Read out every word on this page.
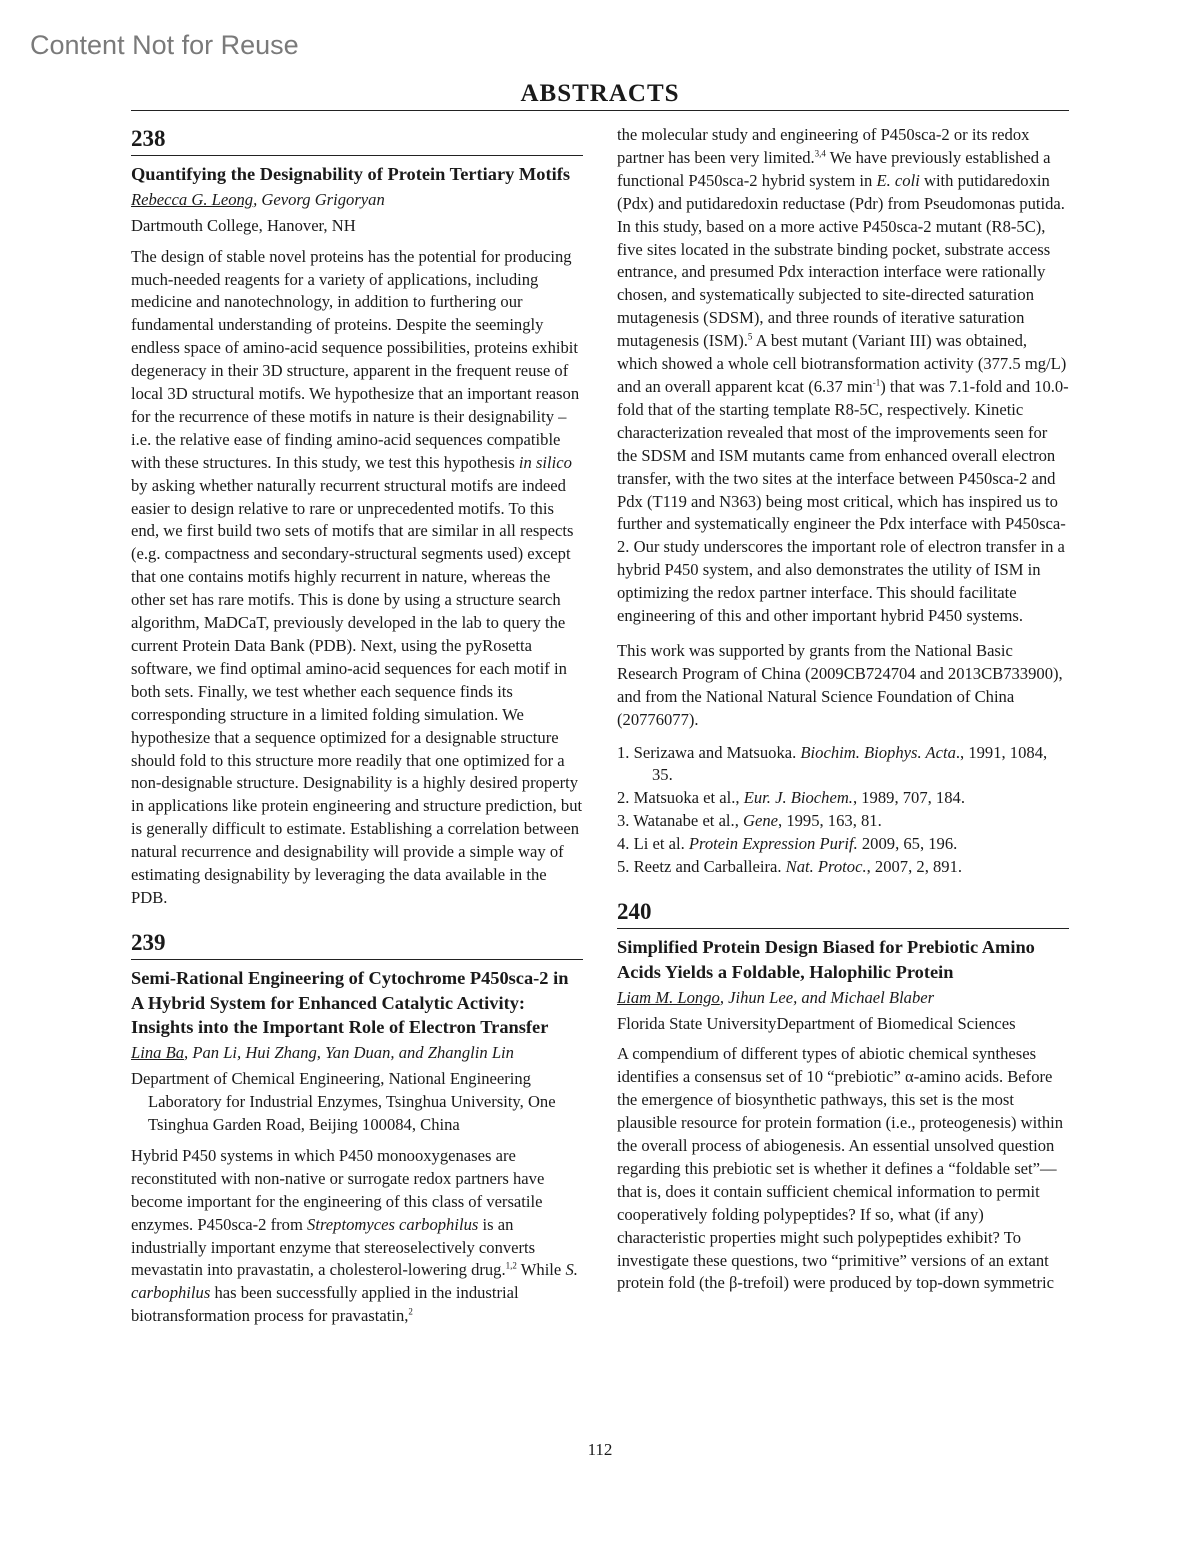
Content Not for Reuse
ABSTRACTS
238
Quantifying the Designability of Protein Tertiary Motifs
Rebecca G. Leong, Gevorg Grigoryan
Dartmouth College, Hanover, NH

The design of stable novel proteins has the potential for producing much-needed reagents for a variety of applications, including medicine and nanotechnology, in addition to furthering our fundamental understanding of proteins. Despite the seemingly endless space of amino-acid sequence possibilities, proteins exhibit degeneracy in their 3D structure, apparent in the frequent reuse of local 3D structural motifs. We hypothesize that an important reason for the recurrence of these motifs in nature is their designability – i.e. the relative ease of finding amino-acid sequences compatible with these structures. In this study, we test this hypothesis in silico by asking whether naturally recurrent structural motifs are indeed easier to design relative to rare or unprecedented motifs. To this end, we first build two sets of motifs that are similar in all respects (e.g. compactness and secondary-structural segments used) except that one contains motifs highly recurrent in nature, whereas the other set has rare motifs. This is done by using a structure search algorithm, MaDCaT, previously developed in the lab to query the current Protein Data Bank (PDB). Next, using the pyRosetta software, we find optimal amino-acid sequences for each motif in both sets. Finally, we test whether each sequence finds its corresponding structure in a limited folding simulation. We hypothesize that a sequence optimized for a designable structure should fold to this structure more readily that one optimized for a non-designable structure. Designability is a highly desired property in applications like protein engineering and structure prediction, but is generally difficult to estimate. Establishing a correlation between natural recurrence and designability will provide a simple way of estimating designability by leveraging the data available in the PDB.

239
Semi-Rational Engineering of Cytochrome P450sca-2 in A Hybrid System for Enhanced Catalytic Activity: Insights into the Important Role of Electron Transfer
Lina Ba, Pan Li, Hui Zhang, Yan Duan, and Zhanglin Lin
Department of Chemical Engineering, National Engineering Laboratory for Industrial Enzymes, Tsinghua University, One Tsinghua Garden Road, Beijing 100084, China

Hybrid P450 systems in which P450 monooxygenases are reconstituted with non-native or surrogate redox partners have become important for the engineering of this class of versatile enzymes. P450sca-2 from Streptomyces carbophilus is an industrially important enzyme that stereoselectively converts mevastatin into pravastatin, a cholesterol-lowering drug.$^{1,2}$ While S. carbophilus has been successfully applied in the industrial biotransformation process for pravastatin,$^2$

the molecular study and engineering of P450sca-2 or its redox partner has been very limited.$^{3,4}$ We have previously established a functional P450sca-2 hybrid system in E. coli with putidaredoxin (Pdx) and putidaredoxin reductase (Pdr) from Pseudomonas putida. In this study, based on a more active P450sca-2 mutant (R8-5C), five sites located in the substrate binding pocket, substrate access entrance, and presumed Pdx interaction interface were rationally chosen, and systematically subjected to site-directed saturation mutagenesis (SDSM), and three rounds of iterative saturation mutagenesis (ISM).$^5$ A best mutant (Variant III) was obtained, which showed a whole cell biotransformation activity (377.5 mg/L) and an overall apparent kcat (6.37 $\min^{-1}$) that was 7.1-fold and 10.0-fold that of the starting template R8-5C, respectively. Kinetic characterization revealed that most of the improvements seen for the SDSM and ISM mutants came from enhanced overall electron transfer, with the two sites at the interface between P450sca-2 and Pdx (T119 and N363) being most critical, which has inspired us to further and systematically engineer the Pdx interface with P450sca-2. Our study underscores the important role of electron transfer in a hybrid P450 system, and also demonstrates the utility of ISM in optimizing the redox partner interface. This should facilitate engineering of this and other important hybrid P450 systems.

This work was supported by grants from the National Basic Research Program of China (2009CB724704 and 2013CB733900), and from the National Natural Science Foundation of China (20776077).

1. Serizawa and Matsuoka. Biochim. Biophys. Acta., 1991, 1084, 35.
2. Matsuoka et al., Eur. J. Biochem., 1989, 707, 184.
3. Watanabe et al., Gene, 1995, 163, 81.
4. Li et al. Protein Expression Purif. 2009, 65, 196.
5. Reetz and Carballeira. Nat. Protoc., 2007, 2, 891.
240
Simplified Protein Design Biased for Prebiotic Amino Acids Yields a Foldable, Halophilic Protein
Liam M. Longo, Jihun Lee, and Michael Blaber
Florida State UniversityDepartment of Biomedical Sciences

A compendium of different types of abiotic chemical syntheses identifies a consensus set of 10 “prebiotic” α-amino acids. Before the emergence of biosynthetic pathways, this set is the most plausible resource for protein formation (i.e., proteogenesis) within the overall process of abiogenesis. An essential unsolved question regarding this prebiotic set is whether it defines a “foldable set”—that is, does it contain sufficient chemical information to permit cooperatively folding polypeptides? If so, what (if any) characteristic properties might such polypeptides exhibit? To investigate these questions, two “primitive” versions of an extant protein fold (the β-trefoil) were produced by top-down symmetric

112
